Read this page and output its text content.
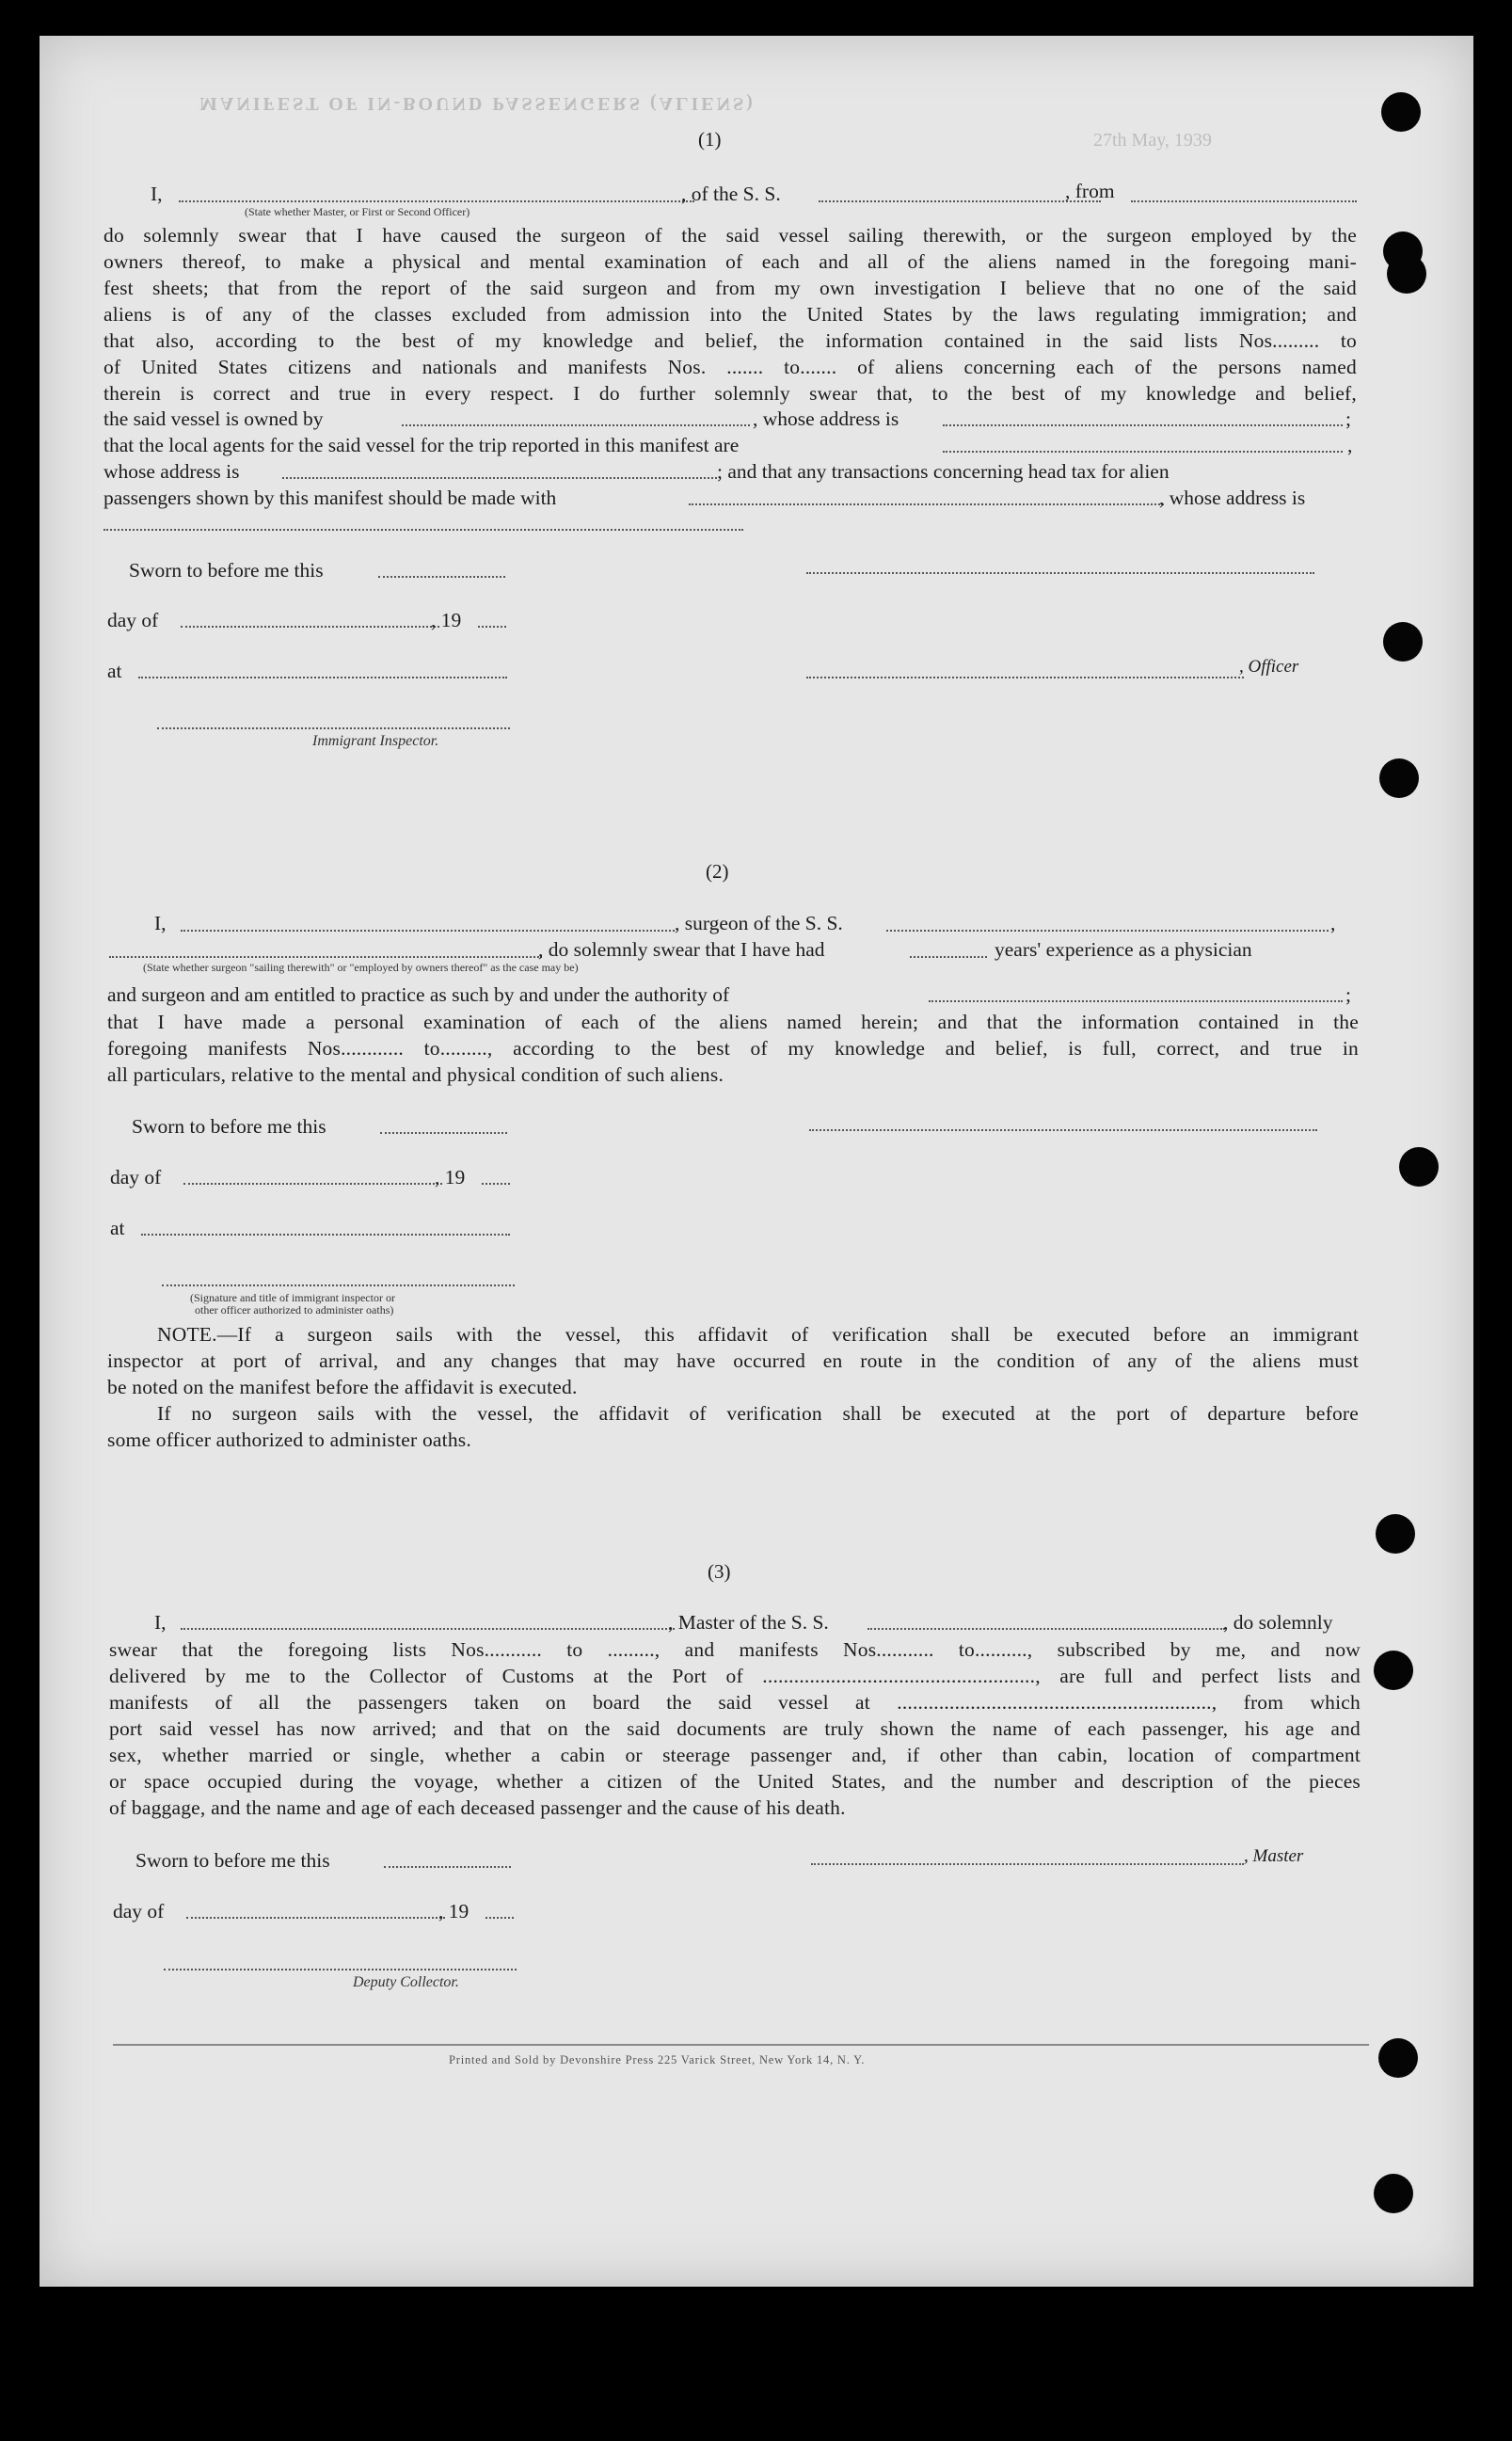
MANIFEST OF IN-BOUND PASSENGERS (ALIENS)
27th May, 1939
(1)
I,	, of the S. S.	, from
(State whether Master, or First or Second Officer)
do solemnly swear that I have caused the surgeon of the said vessel sailing therewith, or the surgeon employed by the
owners thereof, to make a physical and mental examination of each and all of the aliens named in the foregoing mani-
fest sheets; that from the report of the said surgeon and from my own investigation I believe that no one of the said
aliens is of any of the classes excluded from admission into the United States by the laws regulating immigration; and
that also, according to the best of my knowledge and belief, the information contained in the said lists Nos......... to
of United States citizens and nationals and manifests Nos. ....... to....... of aliens concerning each of the persons named
therein is correct and true in every respect. I do further solemnly swear that, to the best of my knowledge and belief,
the said vessel is owned by	, whose address is	;
that the local agents for the said vessel for the trip reported in this manifest are	,
whose address is	; and that any transactions concerning head tax for alien
passengers shown by this manifest should be made with	, whose address is
Sworn to before me this
day of	, 19
at	, Officer
Immigrant Inspector.
(2)
I,	, surgeon of the S. S.	,
, do solemnly swear that I have had	years' experience as a physician
(State whether surgeon "sailing therewith" or "employed by owners thereof" as the case may be)
and surgeon and am entitled to practice as such by and under the authority of	;
that I have made a personal examination of each of the aliens named herein; and that the information contained in the
foregoing manifests Nos............ to........., according to the best of my knowledge and belief, is full, correct, and true in
all particulars, relative to the mental and physical condition of such aliens.
Sworn to before me this
day of	, 19
at
(Signature and title of immigrant inspector or
other officer authorized to administer oaths)
NOTE.—If a surgeon sails with the vessel, this affidavit of verification shall be executed before an immigrant
inspector at port of arrival, and any changes that may have occurred en route in the condition of any of the aliens must
be noted on the manifest before the affidavit is executed.
If no surgeon sails with the vessel, the affidavit of verification shall be executed at the port of departure before
some officer authorized to administer oaths.
(3)
I,	, Master of the S. S.	, do solemnly
swear that the foregoing lists Nos........... to ........., and manifests Nos........... to.........., subscribed by me, and now
delivered by me to the Collector of Customs at the Port of ...................................................., are full and perfect lists and
manifests of all the passengers taken on board the said vessel at ............................................................, from which
port said vessel has now arrived; and that on the said documents are truly shown the name of each passenger, his age and
sex, whether married or single, whether a cabin or steerage passenger and, if other than cabin, location of compartment
or space occupied during the voyage, whether a citizen of the United States, and the number and description of the pieces
of baggage, and the name and age of each deceased passenger and the cause of his death.
Sworn to before me this	, Master
day of	, 19
Deputy Collector.
Printed and Sold by Devonshire Press 225 Varick Street, New York 14, N. Y.
